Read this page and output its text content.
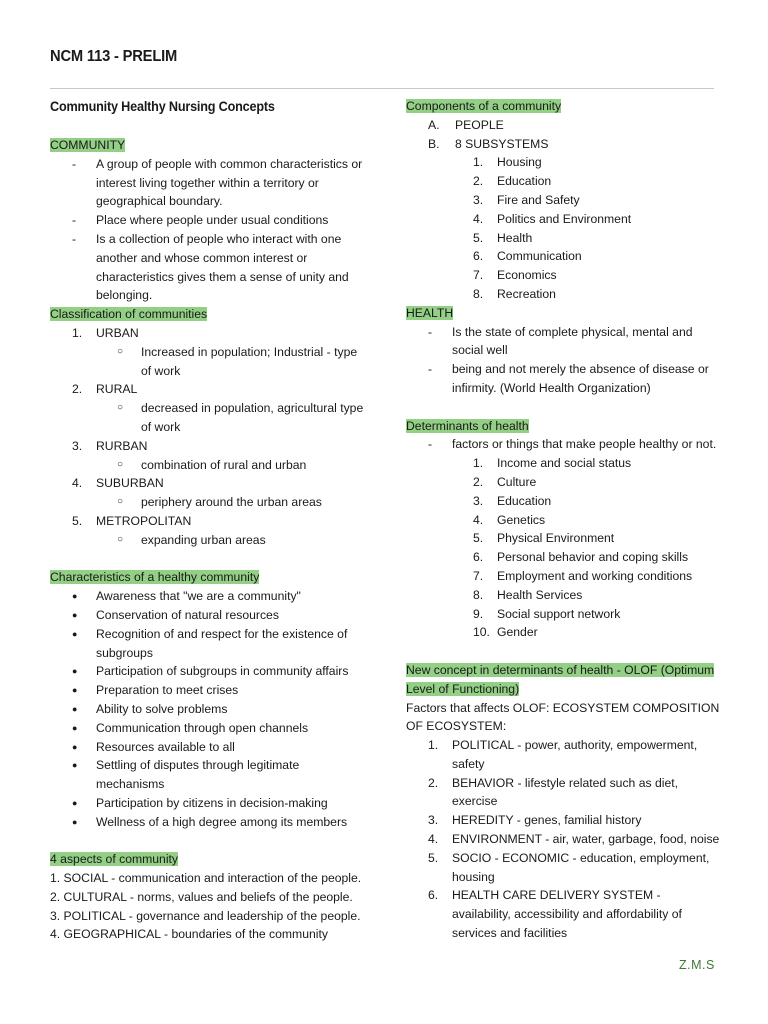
NCM 113 - PRELIM
Community Healthy Nursing Concepts
COMMUNITY
- A group of people with common characteristics or interest living together within a territory or geographical boundary.
- Place where people under usual conditions
- Is a collection of people who interact with one another and whose common interest or characteristics gives them a sense of unity and belonging.
Classification of communities
1.	URBAN
○ Increased in population; Industrial - type of work
2.	RURAL
○ decreased in population, agricultural type of work
3.	RURBAN
○ combination of rural and urban
4.	SUBURBAN
○ periphery around the urban areas
5.	METROPOLITAN
○ expanding urban areas
Characteristics of a healthy community
● Awareness that "we are a community"
● Conservation of natural resources
● Recognition of and respect for the existence of subgroups
● Participation of subgroups in community affairs
● Preparation to meet crises
● Ability to solve problems
● Communication through open channels
● Resources available to all
● Settling of disputes through legitimate mechanisms
● Participation by citizens in decision-making
● Wellness of a high degree among its members
4 aspects of community
1. SOCIAL - communication and interaction of the people.
2. CULTURAL - norms, values and beliefs of the people.
3. POLITICAL - governance and leadership of the people.
4. GEOGRAPHICAL - boundaries of the community
Components of a community
A. PEOPLE
B. 8 SUBSYSTEMS
1.	Housing
2.	Education
3.	Fire and Safety
4.	Politics and Environment
5.	Health
6.	Communication
7.	Economics
8.	Recreation
HEALTH
- Is the state of complete physical, mental and social well
- being and not merely the absence of disease or infirmity. (World Health Organization)
Determinants of health
- factors or things that make people healthy or not.
1.	Income and social status
2.	Culture
3.	Education
4.	Genetics
5.	Physical Environment
6.	Personal behavior and coping skills
7.	Employment and working conditions
8.	Health Services
9.	Social support network
10. Gender
New concept in determinants of health - OLOF (Optimum Level of Functioning)
Factors that affects OLOF: ECOSYSTEM COMPOSITION OF ECOSYSTEM:
1. POLITICAL - power, authority, empowerment, safety
2. BEHAVIOR - lifestyle related such as diet, exercise
3. HEREDITY - genes, familial history
4. ENVIRONMENT - air, water, garbage, food, noise
5. SOCIO - ECONOMIC - education, employment, housing
6. HEALTH CARE DELIVERY SYSTEM - availability, accessibility and affordability of services and facilities
Z.M.S
